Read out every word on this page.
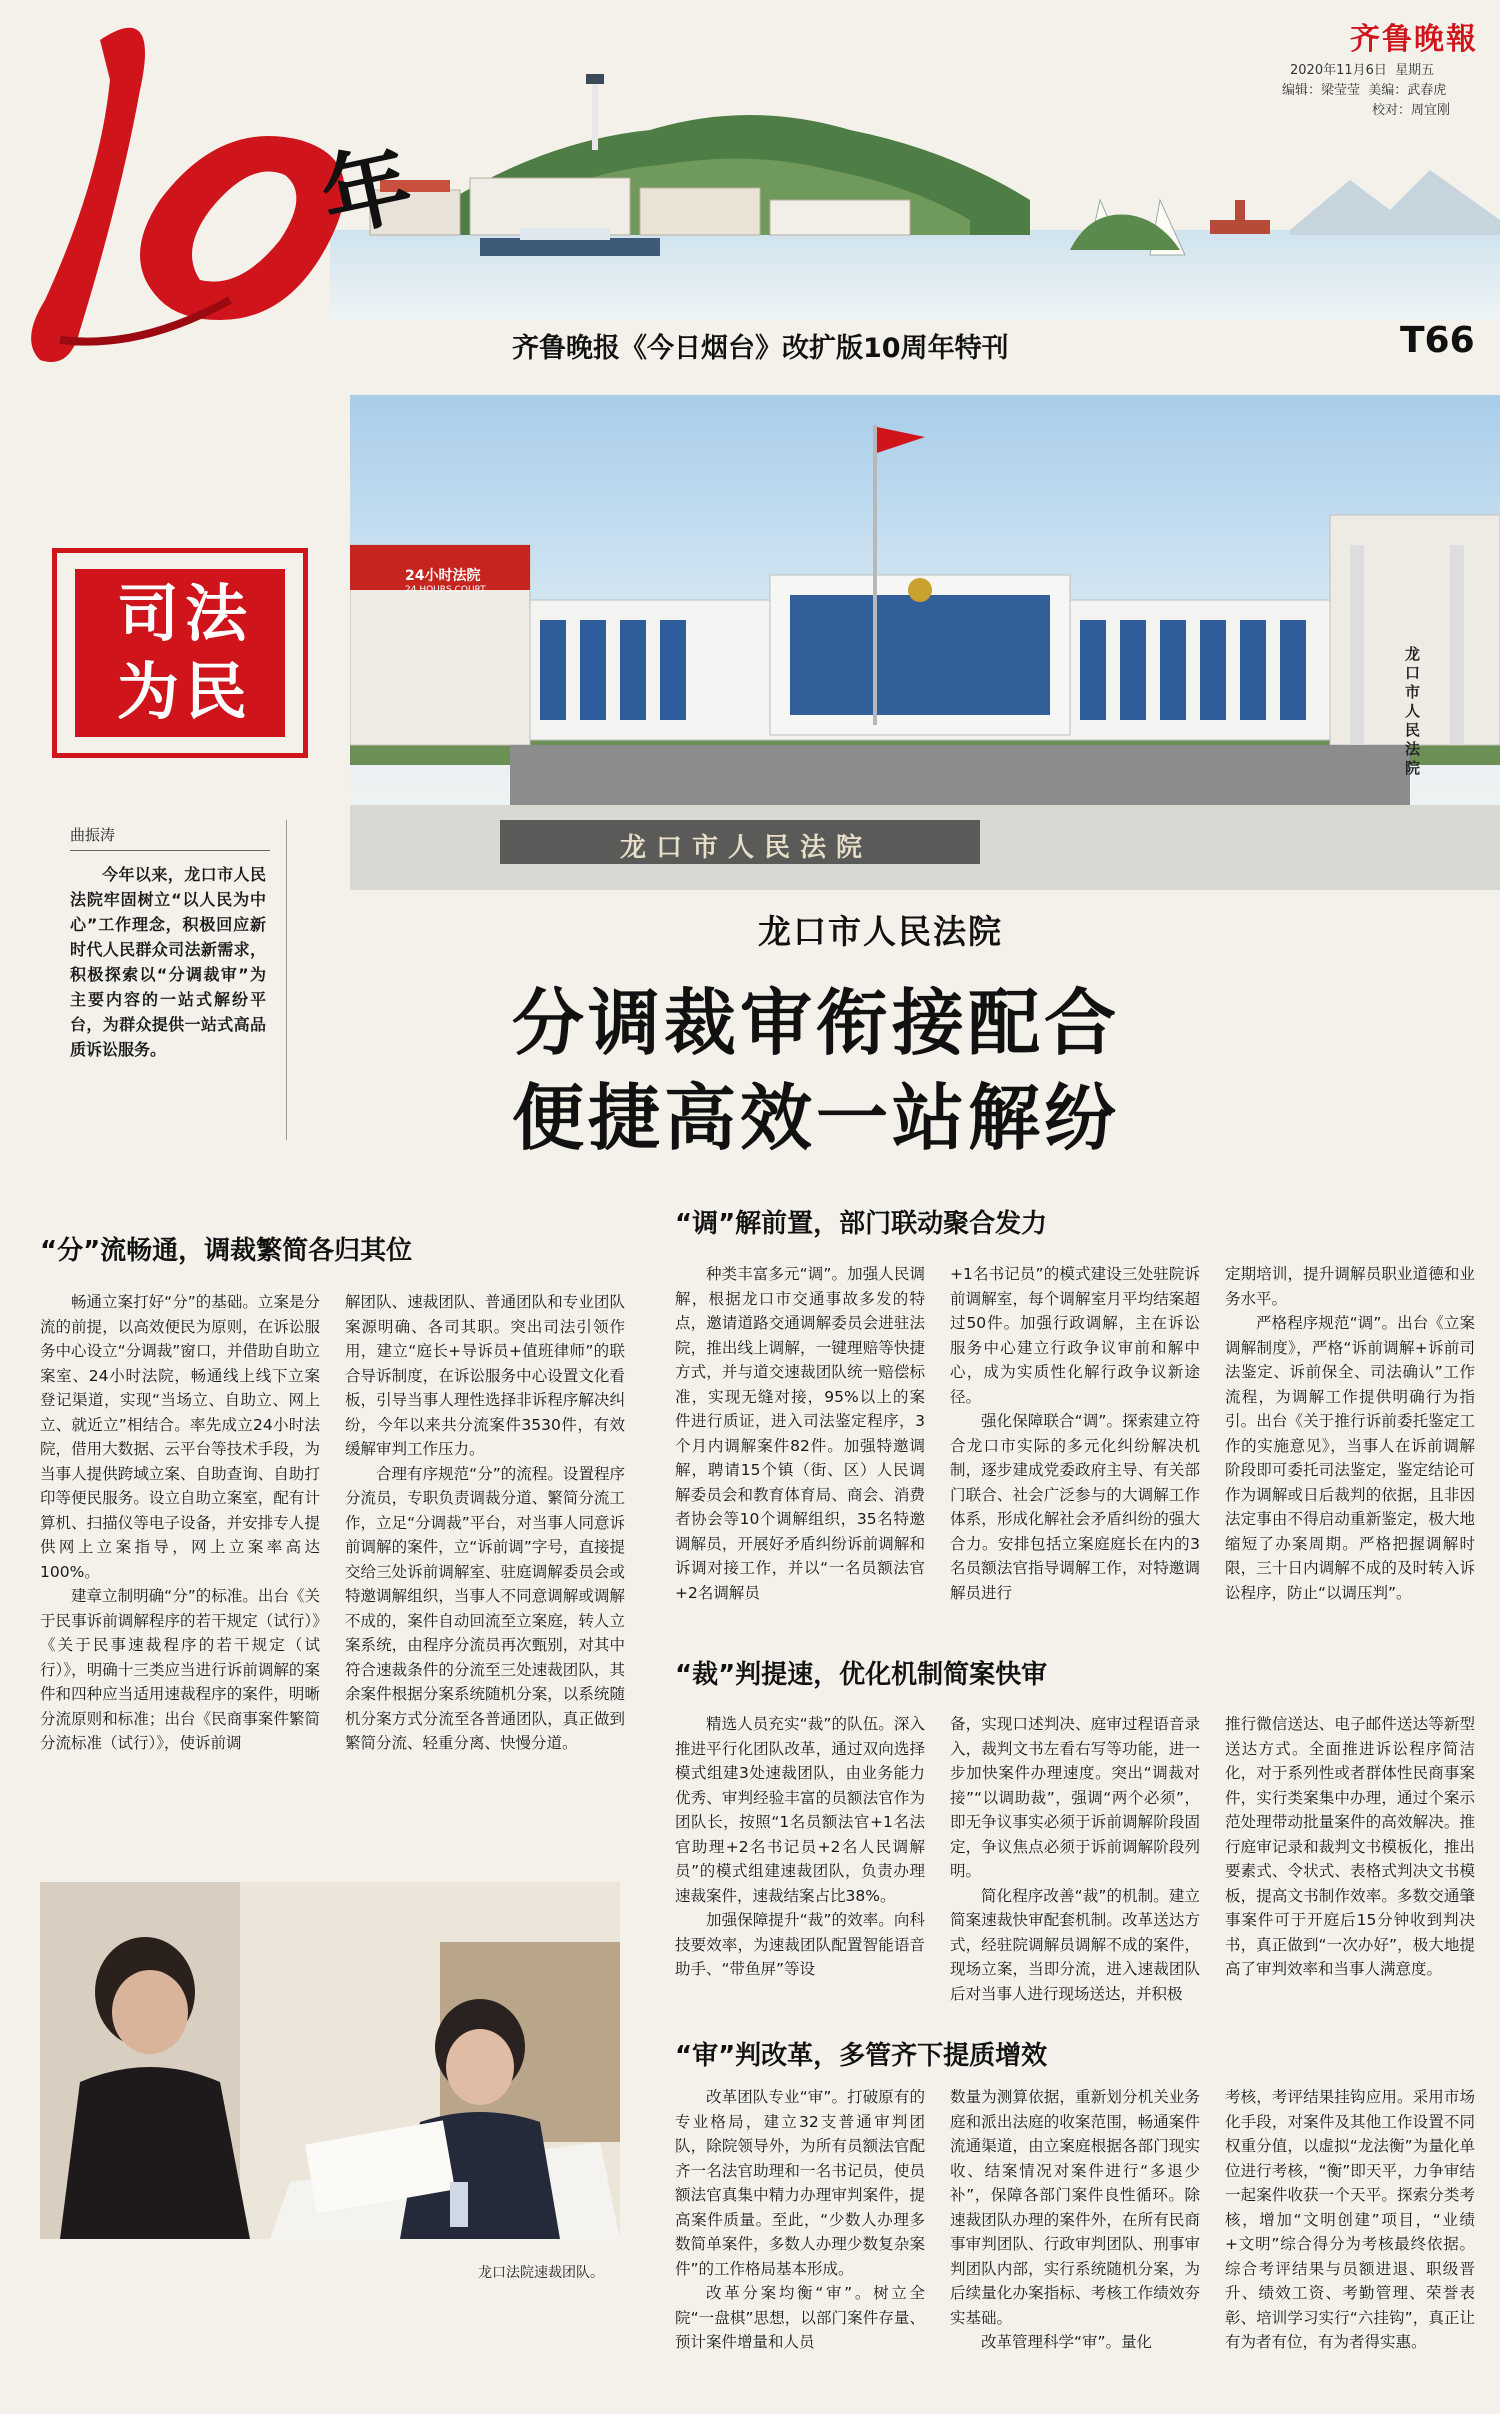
年
齐鲁晚報
2020年11月6日 星期五
编辑：梁莹莹 美编：武春虎
校对：周宜刚
齐鲁晚报《今日烟台》改扩版10周年特刊	T66
24小时法院
24 HOURS COURT
龙口市人民法院
龙口市人民法院
司法
为民
曲振涛
今年以来，龙口市人民法院牢固树立“以人民为中心”工作理念，积极回应新时代人民群众司法新需求，积极探索以“分调裁审”为主要内容的一站式解纷平台，为群众提供一站式高品质诉讼服务。
龙口市人民法院
分调裁审衔接配合
便捷高效一站解纷
“分”流畅通，调裁繁简各归其位

畅通立案打好“分”的基础。立案是分流的前提，以高效便民为原则，在诉讼服务中心设立“分调裁”窗口，并借助自助立案室、24小时法院，畅通线上线下立案登记渠道，实现“当场立、自助立、网上立、就近立”相结合。率先成立24小时法院，借用大数据、云平台等技术手段，为当事人提供跨域立案、自助查询、自助打印等便民服务。设立自助立案室，配有计算机、扫描仪等电子设备，并安排专人提供网上立案指导，网上立案率高达100%。

建章立制明确“分”的标准。出台《关于民事诉前调解程序的若干规定（试行）》《关于民事速裁程序的若干规定（试行）》，明确十三类应当进行诉前调解的案件和四种应当适用速裁程序的案件，明晰分流原则和标准；出台《民商事案件繁简分流标准（试行）》，使诉前调

解团队、速裁团队、普通团队和专业团队案源明确、各司其职。突出司法引领作用，建立“庭长+导诉员+值班律师”的联合导诉制度，在诉讼服务中心设置文化看板，引导当事人理性选择非诉程序解决纠纷，今年以来共分流案件3530件，有效缓解审判工作压力。

合理有序规范“分”的流程。设置程序分流员，专职负责调裁分道、繁简分流工作，立足“分调裁”平台，对当事人同意诉前调解的案件，立“诉前调”字号，直接提交给三处诉前调解室、驻庭调解委员会或特邀调解组织，当事人不同意调解或调解不成的，案件自动回流至立案庭，转人立案系统，由程序分流员再次甄别，对其中符合速裁条件的分流至三处速裁团队，其余案件根据分案系统随机分案，以系统随机分案方式分流至各普通团队，真正做到繁简分流、轻重分离、快慢分道。

“调”解前置，部门联动聚合发力

种类丰富多元“调”。加强人民调解，根据龙口市交通事故多发的特点，邀请道路交通调解委员会进驻法院，推出线上调解，一键理赔等快捷方式，并与道交速裁团队统一赔偿标准，实现无缝对接，95%以上的案件进行质证，进入司法鉴定程序，3个月内调解案件82件。加强特邀调解，聘请15个镇（街、区）人民调解委员会和教育体育局、商会、消费者协会等10个调解组织，35名特邀调解员，开展好矛盾纠纷诉前调解和诉调对接工作，并以“一名员额法官+2名调解员

+1名书记员”的模式建设三处驻院诉前调解室，每个调解室月平均结案超过50件。加强行政调解，主在诉讼服务中心建立行政争议审前和解中心，成为实质性化解行政争议新途径。

强化保障联合“调”。探索建立符合龙口市实际的多元化纠纷解决机制，逐步建成党委政府主导、有关部门联合、社会广泛参与的大调解工作体系，形成化解社会矛盾纠纷的强大合力。安排包括立案庭庭长在内的3名员额法官指导调解工作，对特邀调解员进行

定期培训，提升调解员职业道德和业务水平。

严格程序规范“调”。出台《立案调解制度》，严格“诉前调解+诉前司法鉴定、诉前保全、司法确认”工作流程，为调解工作提供明确行为指引。出台《关于推行诉前委托鉴定工作的实施意见》，当事人在诉前调解阶段即可委托司法鉴定，鉴定结论可作为调解或日后裁判的依据，且非因法定事由不得启动重新鉴定，极大地缩短了办案周期。严格把握调解时限，三十日内调解不成的及时转入诉讼程序，防止“以调压判”。

“裁”判提速，优化机制简案快审

精选人员充实“裁”的队伍。深入推进平行化团队改革，通过双向选择模式组建3处速裁团队，由业务能力优秀、审判经验丰富的员额法官作为团队长，按照“1名员额法官+1名法官助理+2名书记员+2名人民调解员”的模式组建速裁团队，负责办理速裁案件，速裁结案占比38%。

加强保障提升“裁”的效率。向科技要效率，为速裁团队配置智能语音助手、“带鱼屏”等设

备，实现口述判决、庭审过程语音录入，裁判文书左看右写等功能，进一步加快案件办理速度。突出“调裁对接”“以调助裁”，强调“两个必须”，即无争议事实必须于诉前调解阶段固定，争议焦点必须于诉前调解阶段列明。

简化程序改善“裁”的机制。建立简案速裁快审配套机制。改革送达方式，经驻院调解员调解不成的案件，现场立案，当即分流，进入速裁团队后对当事人进行现场送达，并积极

推行微信送达、电子邮件送达等新型送达方式。全面推进诉讼程序简洁化，对于系列性或者群体性民商事案件，实行类案集中办理，通过个案示范处理带动批量案件的高效解决。推行庭审记录和裁判文书模板化，推出要素式、令状式、表格式判决文书模板，提高文书制作效率。多数交通肇事案件可于开庭后15分钟收到判决书，真正做到“一次办好”，极大地提高了审判效率和当事人满意度。

“审”判改革，多管齐下提质增效

改革团队专业“审”。打破原有的专业格局，建立32支普通审判团队，除院领导外，为所有员额法官配齐一名法官助理和一名书记员，使员额法官真集中精力办理审判案件，提高案件质量。至此，“少数人办理多数简单案件，多数人办理少数复杂案件”的工作格局基本形成。

改革分案均衡“审”。树立全院“一盘棋”思想，以部门案件存量、预计案件增量和人员

数量为测算依据，重新划分机关业务庭和派出法庭的收案范围，畅通案件流通渠道，由立案庭根据各部门现实收、结案情况对案件进行“多退少补”，保障各部门案件良性循环。除速裁团队办理的案件外，在所有民商事审判团队、行政审判团队、刑事审判团队内部，实行系统随机分案，为后续量化办案指标、考核工作绩效夯实基础。

改革管理科学“审”。量化

考核，考评结果挂钩应用。采用市场化手段，对案件及其他工作设置不同权重分值，以虚拟“龙法衡”为量化单位进行考核，“衡”即天平，力争审结一起案件收获一个天平。探索分类考核，增加“文明创建”项目，“业绩+文明”综合得分为考核最终依据。综合考评结果与员额进退、职级晋升、绩效工资、考勤管理、荣誉表彰、培训学习实行“六挂钩”，真正让有为者有位，有为者得实惠。

龙口法院速裁团队。
